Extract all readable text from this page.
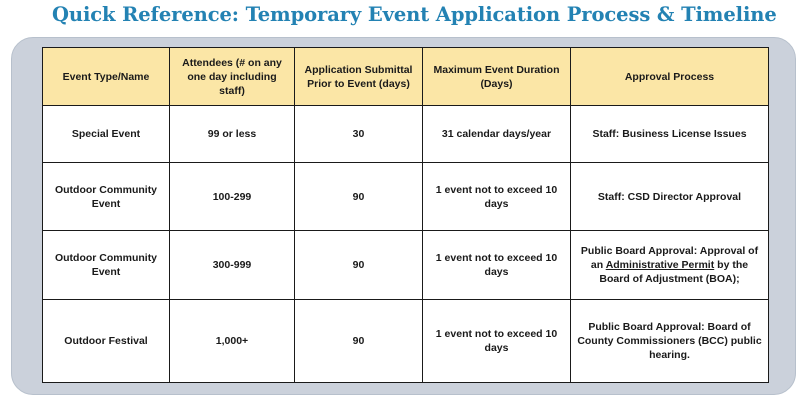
Quick Reference: Temporary Event Application Process & Timeline
Event Type/Name	Attendees (# on any one day including staff)	Application Submittal Prior to Event (days)	Maximum Event Duration (Days)	Approval Process
Special Event	99 or less	30	31 calendar days/year	Staff: Business License Issues
Outdoor Community Event	100-299	90	1 event not to exceed 10 days	Staff: CSD Director Approval
Outdoor Community Event	300-999	90	1 event not to exceed 10 days	Public Board Approval: Approval of an Administrative Permit by the Board of Adjustment (BOA);
Outdoor Festival	1,000+	90	1 event not to exceed 10 days	Public Board Approval: Board of County Commissioners (BCC) public hearing.
